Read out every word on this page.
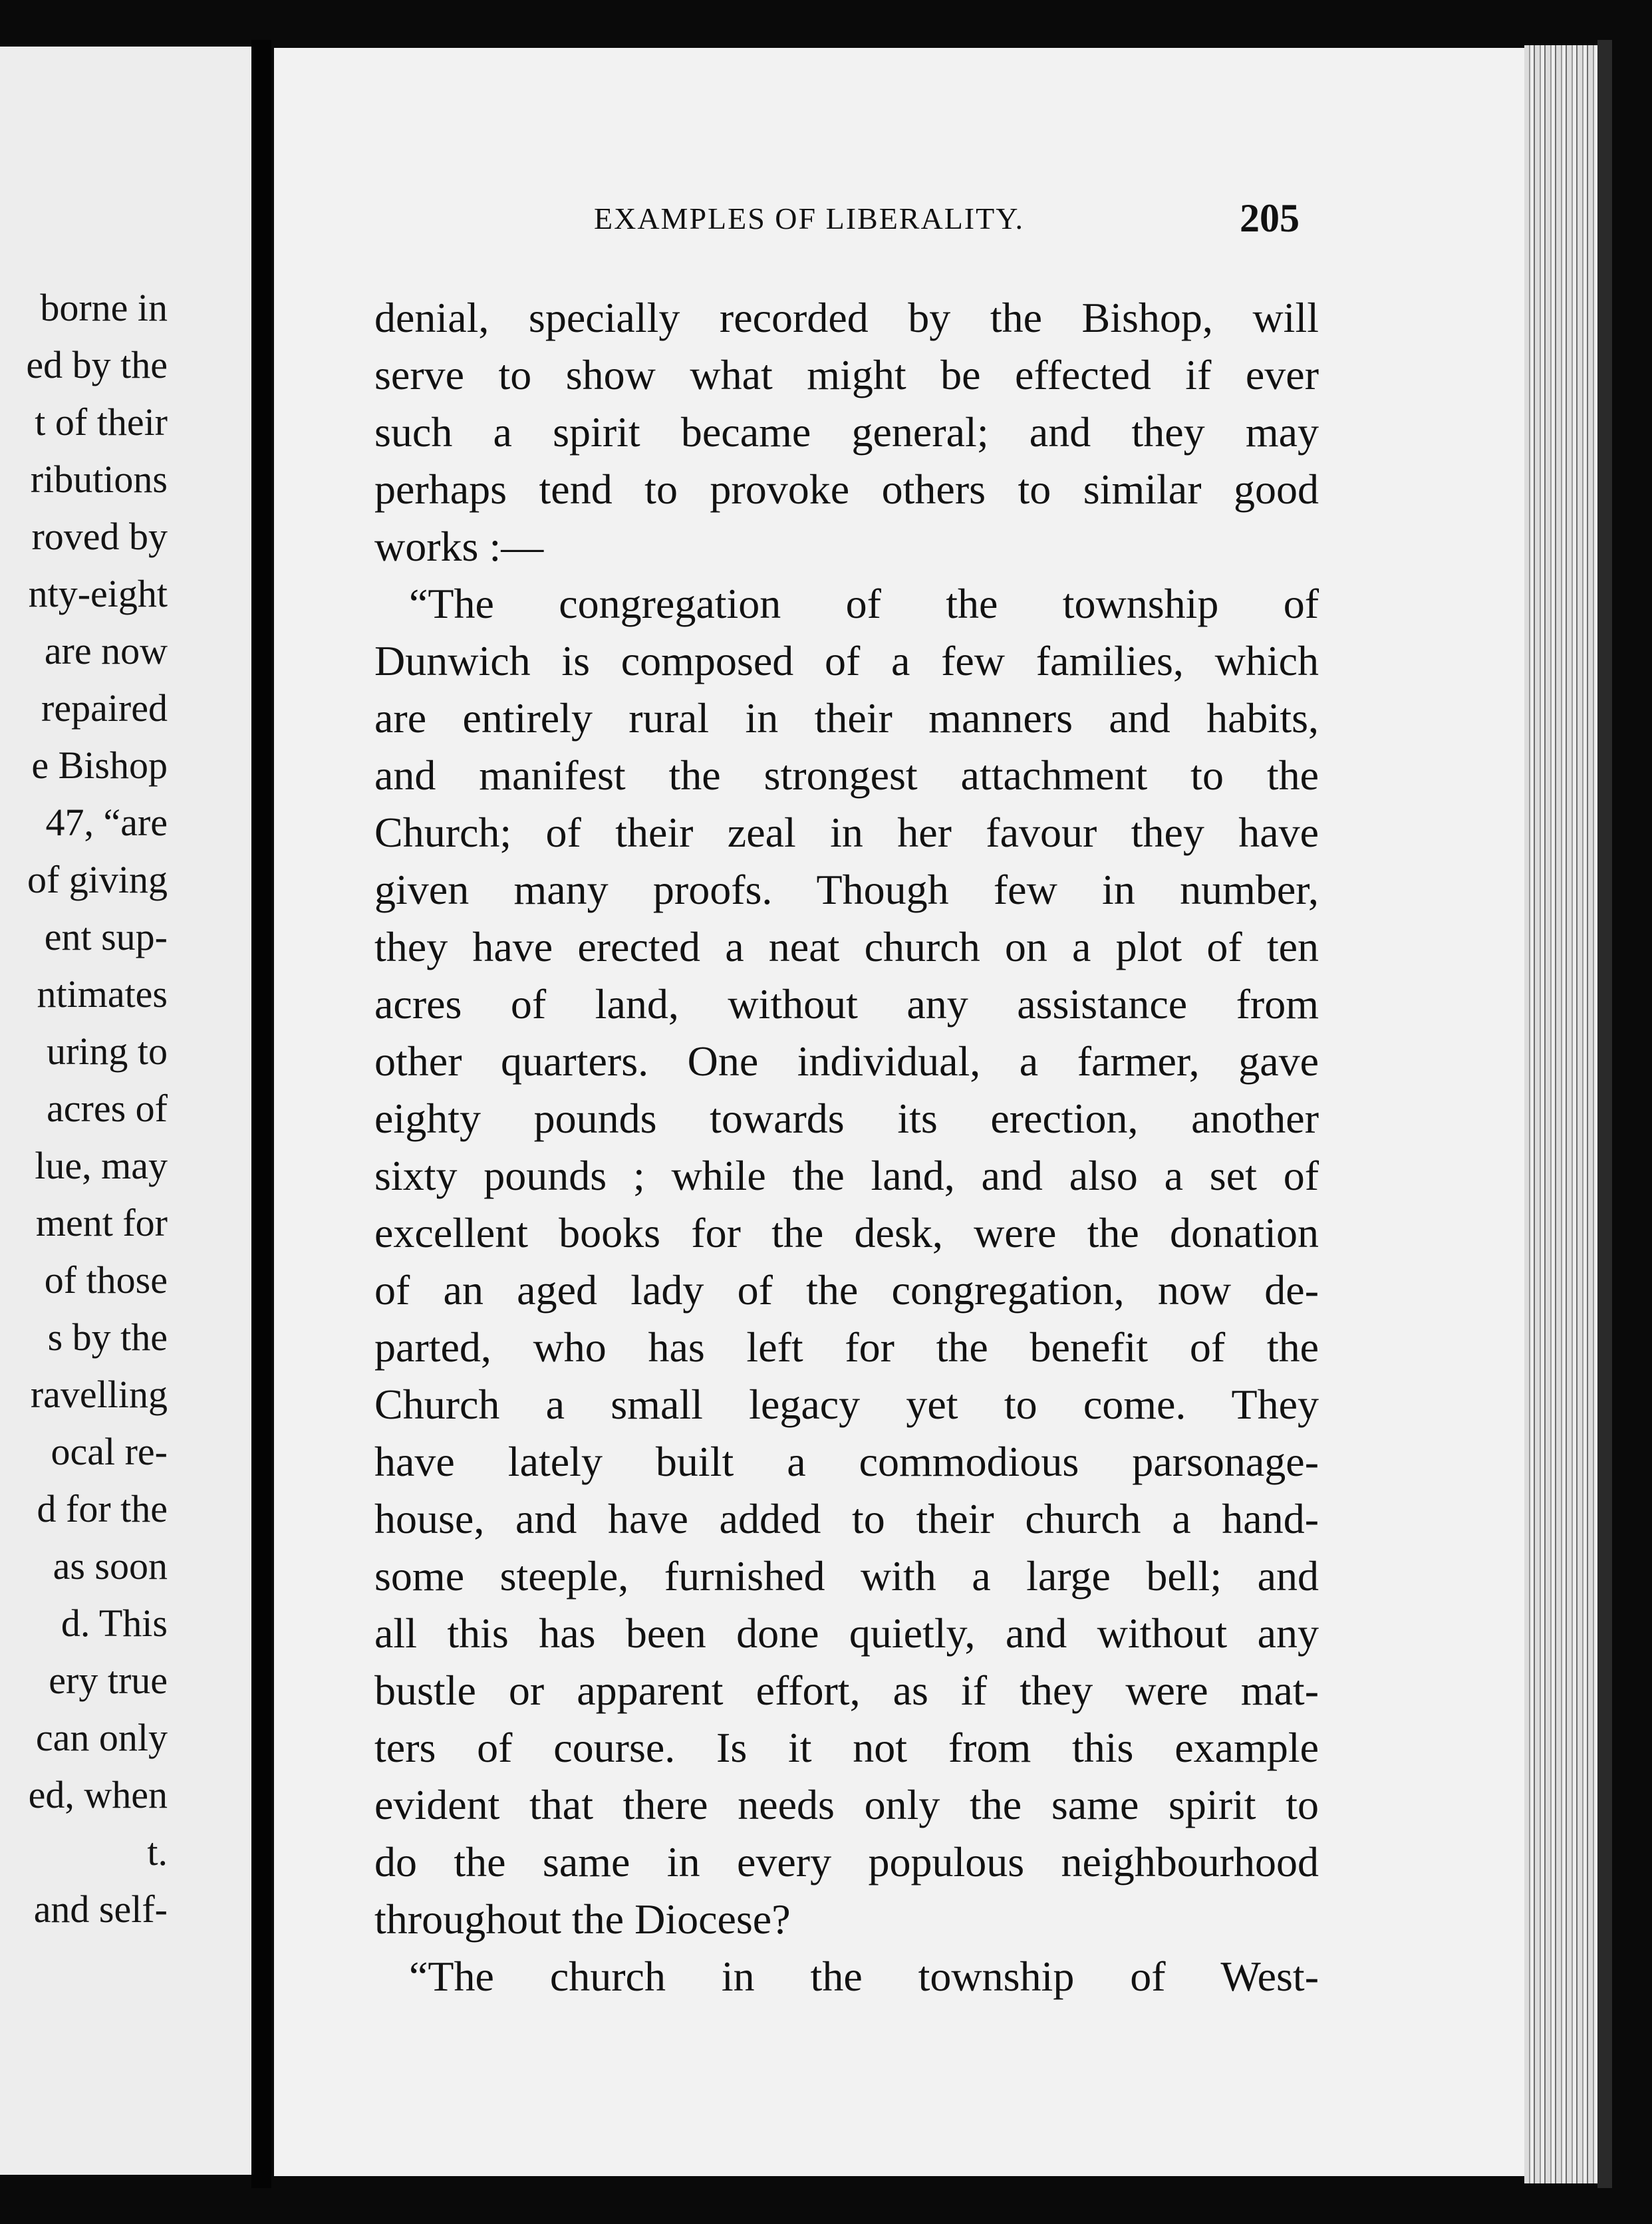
borne in
ed by the
t of their
ributions
roved by
nty-eight
are now
repaired
e Bishop
47, “are
of giving
ent sup-
ntimates
uring to
acres of
lue, may
ment for
of those
s by the
ravelling
ocal re-
d for the
as soon
d. This
ery true
can only
ed, when
t.
and self-
EXAMPLES OF LIBERALITY.	205
denial, specially recorded by the Bishop, will
serve to show what might be effected if ever
such a spirit became general; and they may
perhaps tend to provoke others to similar good
works :—
“The congregation of the township of
Dunwich is composed of a few families, which
are entirely rural in their manners and habits,
and manifest the strongest attachment to the
Church; of their zeal in her favour they have
given many proofs. Though few in number,
they have erected a neat church on a plot of ten
acres of land, without any assistance from
other quarters. One individual, a farmer, gave
eighty pounds towards its erection, another
sixty pounds ; while the land, and also a set of
excellent books for the desk, were the donation
of an aged lady of the congregation, now de-
parted, who has left for the benefit of the
Church a small legacy yet to come. They
have lately built a commodious parsonage-
house, and have added to their church a hand-
some steeple, furnished with a large bell; and
all this has been done quietly, and without any
bustle or apparent effort, as if they were mat-
ters of course. Is it not from this example
evident that there needs only the same spirit to
do the same in every populous neighbourhood
throughout the Diocese?
“The church in the township of West-
